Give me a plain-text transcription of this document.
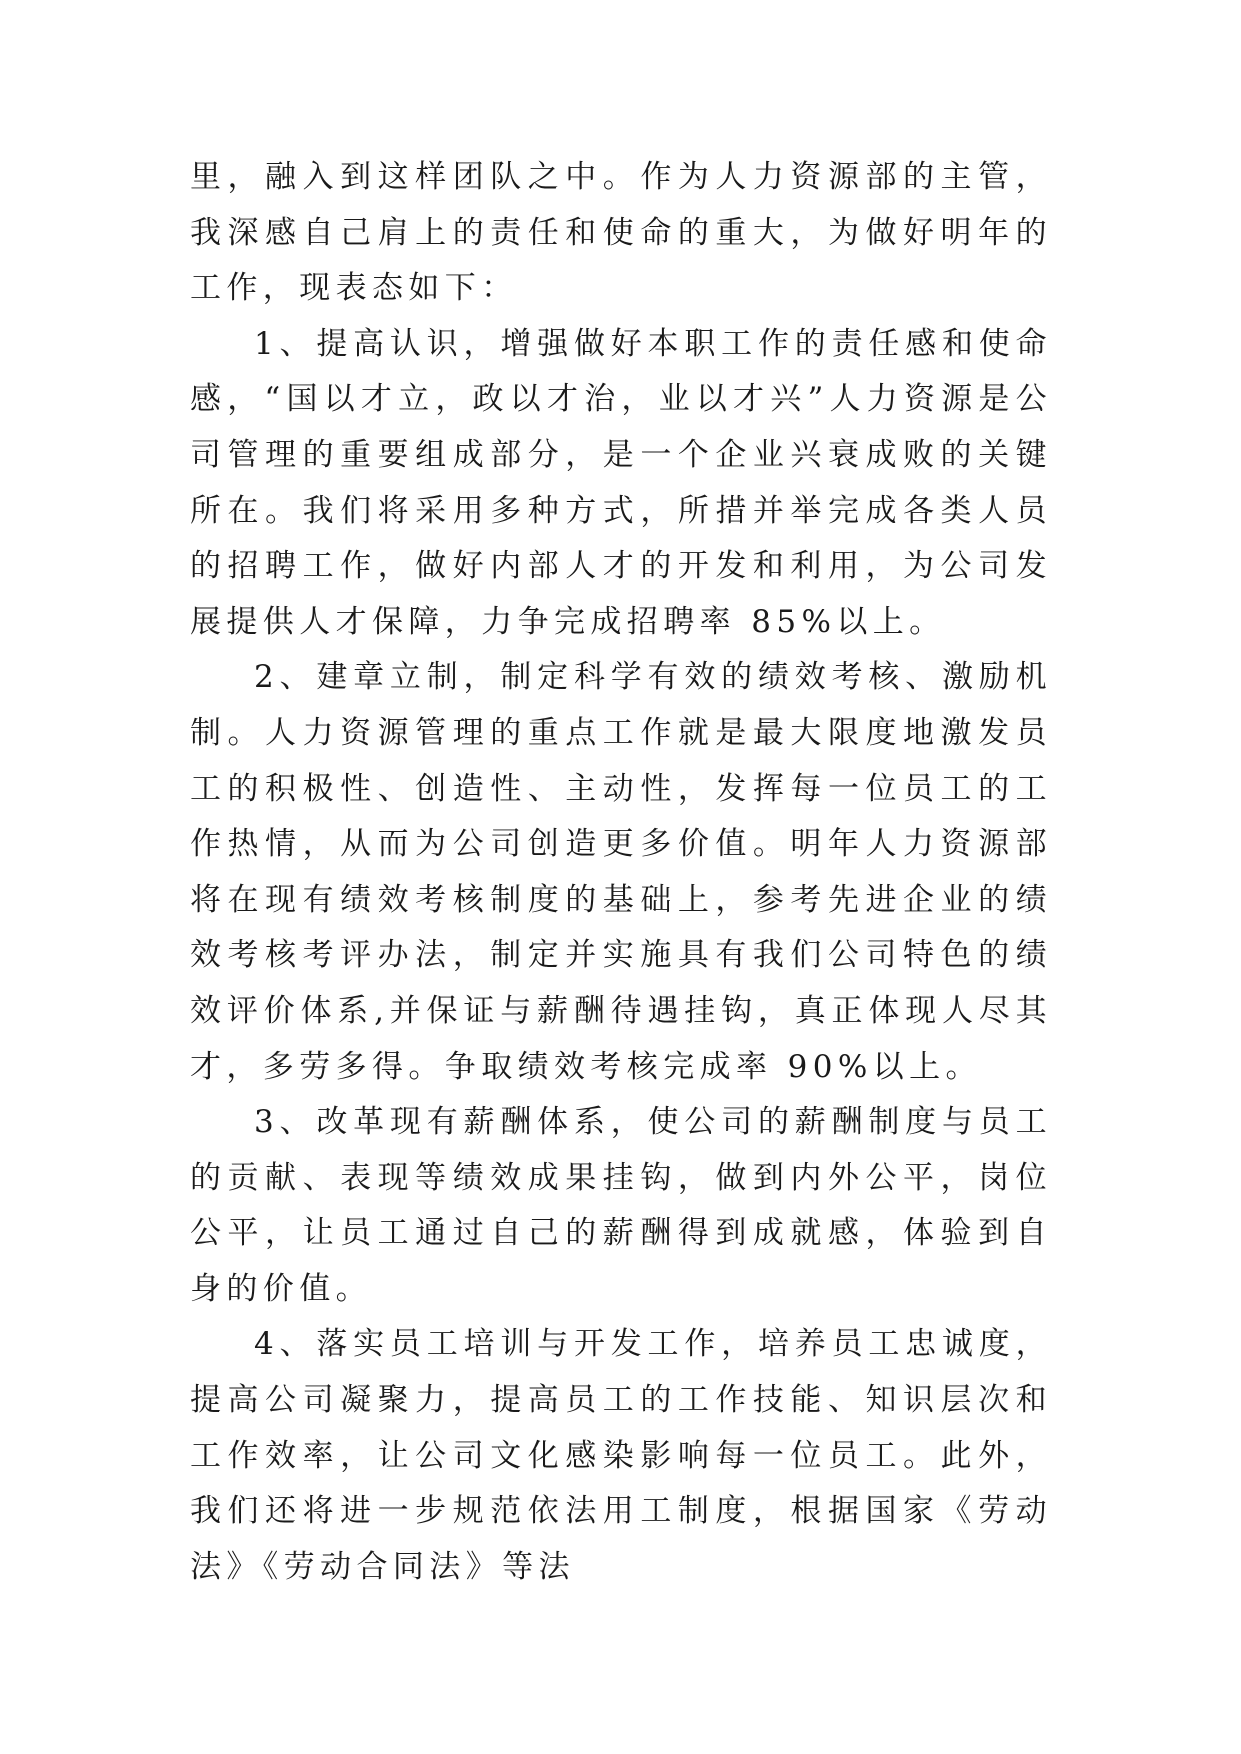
里，融入到这样团队之中。作为人力资源部的主管，我深感自己肩上的责任和使命的重大，为做好明年的工作，现表态如下：

1、提高认识，增强做好本职工作的责任感和使命感，“国以才立，政以才治，业以才兴”人力资源是公司管理的重要组成部分，是一个企业兴衰成败的关键所在。我们将采用多种方式，所措并举完成各类人员的招聘工作，做好内部人才的开发和利用，为公司发展提供人才保障，力争完成招聘率 85%以上。

2、建章立制，制定科学有效的绩效考核、激励机制。人力资源管理的重点工作就是最大限度地激发员工的积极性、创造性、主动性，发挥每一位员工的工作热情，从而为公司创造更多价值。明年人力资源部将在现有绩效考核制度的基础上，参考先进企业的绩效考核考评办法，制定并实施具有我们公司特色的绩效评价体系,并保证与薪酬待遇挂钩，真正体现人尽其才，多劳多得。争取绩效考核完成率 90%以上。

3、改革现有薪酬体系，使公司的薪酬制度与员工的贡献、表现等绩效成果挂钩，做到内外公平，岗位公平，让员工通过自己的薪酬得到成就感，体验到自身的价值。

4、落实员工培训与开发工作，培养员工忠诚度，提高公司凝聚力，提高员工的工作技能、知识层次和工作效率，让公司文化感染影响每一位员工。此外，我们还将进一步规范依法用工制度，根据国家《劳动法》《劳动合同法》等法
